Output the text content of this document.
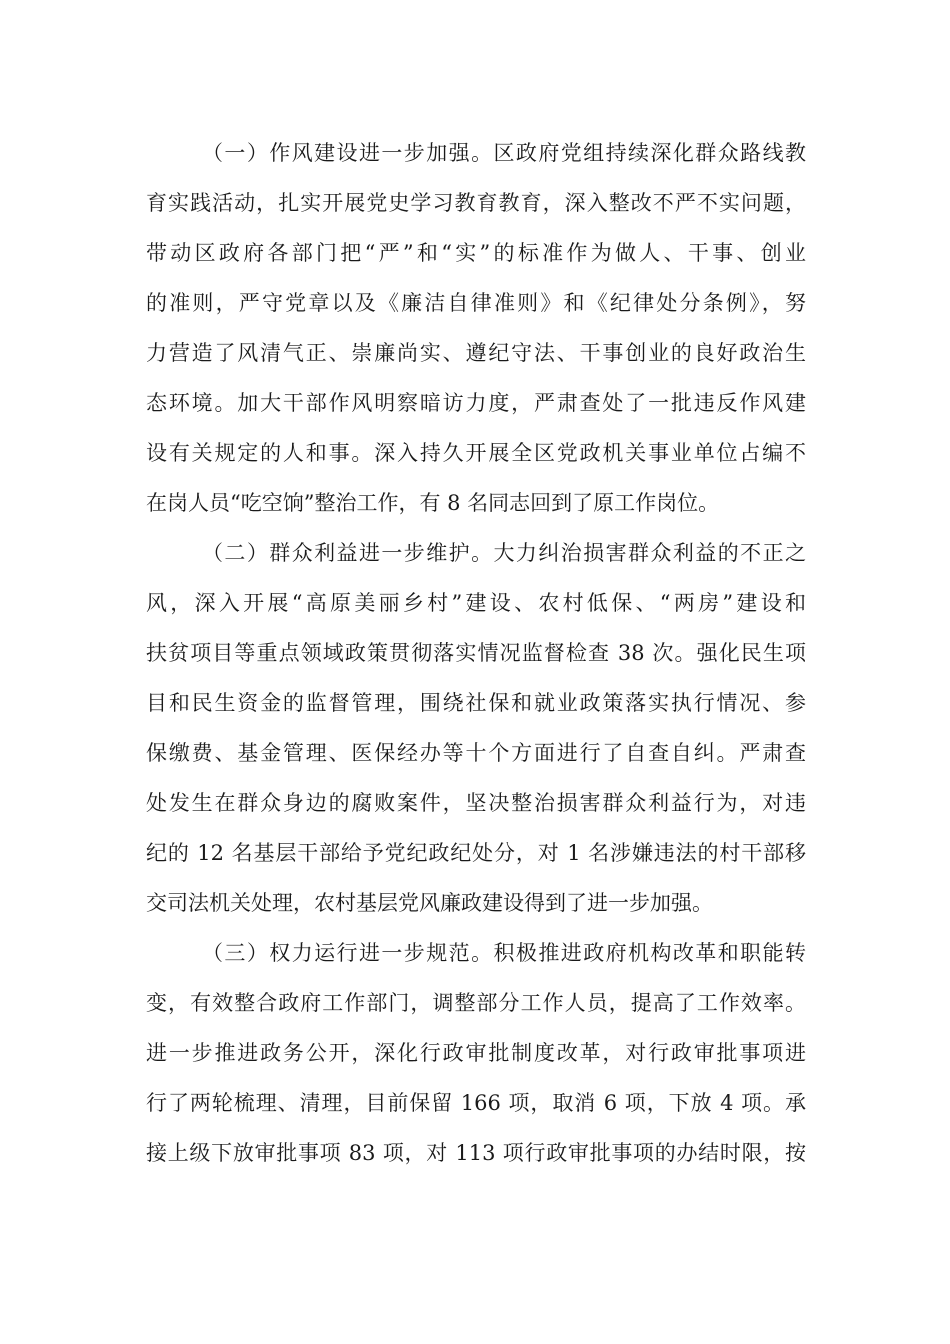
（一）作风建设进一步加强。区政府党组持续深化群众路线教
育实践活动，扎实开展党史学习教育教育，深入整改不严不实问题，
带动区政府各部门把“严”和“实”的标准作为做人、干事、创业
的准则，严守党章以及《廉洁自律准则》和《纪律处分条例》，努
力营造了风清气正、崇廉尚实、遵纪守法、干事创业的良好政治生
态环境。加大干部作风明察暗访力度，严肃查处了一批违反作风建
设有关规定的人和事。深入持久开展全区党政机关事业单位占编不
在岗人员“吃空饷”整治工作，有 8 名同志回到了原工作岗位。
（二）群众利益进一步维护。大力纠治损害群众利益的不正之
风，深入开展“高原美丽乡村”建设、农村低保、“两房”建设和
扶贫项目等重点领域政策贯彻落实情况监督检查 38 次。强化民生项
目和民生资金的监督管理，围绕社保和就业政策落实执行情况、参
保缴费、基金管理、医保经办等十个方面进行了自查自纠。严肃查
处发生在群众身边的腐败案件，坚决整治损害群众利益行为，对违
纪的 12 名基层干部给予党纪政纪处分，对 1 名涉嫌违法的村干部移
交司法机关处理，农村基层党风廉政建设得到了进一步加强。
（三）权力运行进一步规范。积极推进政府机构改革和职能转
变，有效整合政府工作部门，调整部分工作人员，提高了工作效率。
进一步推进政务公开，深化行政审批制度改革，对行政审批事项进
行了两轮梳理、清理，目前保留 166 项，取消 6 项，下放 4 项。承
接上级下放审批事项 83 项，对 113 项行政审批事项的办结时限，按
